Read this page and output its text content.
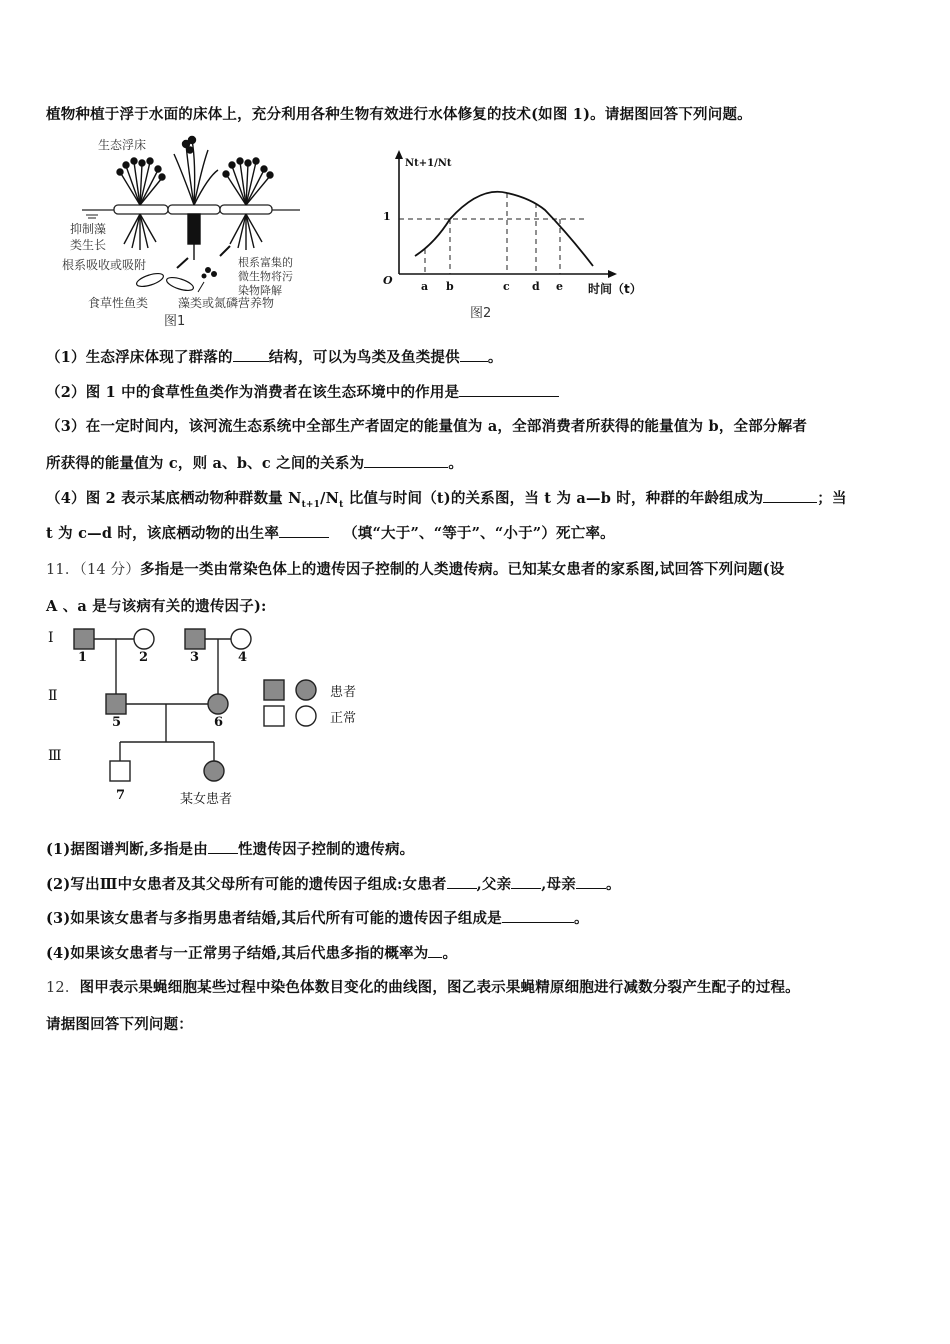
植物种植于浮于水面的床体上，充分利用各种生物有效进行水体修复的技术(如图 1)。请据图回答下列问题。
生态浮床
抑制藻
类生长
根系吸收或吸附	根系富集的
微生物将污
染物降解
食草性鱼类 藻类或氮磷营养物
图1
Nt+1/Nt
1
O	a b	c d e 时间（t）
图2
（1）生态浮床体现了群落的 结构，可以为鸟类及鱼类提供 。
（2）图 1 中的食草性鱼类作为消费者在该生态环境中的作用是
（3）在一定时间内，该河流生态系统中全部生产者固定的能量值为 a，全部消费者所获得的能量值为 b，全部分解者
所获得的能量值为 c，则 a、b、c 之间的关系为	。
（4）图 2 表示某底栖动物种群数量 $N_{t+1}/N_t$ 比值与时间（t)的关系图，当 t 为 a—b 时，种群的年龄组成为	；当
t 为 c—d 时，该底栖动物的出生率	（填“大于”、“等于”、“小于”）死亡率。
11．（14 分）多指是一类由常染色体上的遗传因子控制的人类遗传病。已知某女患者的家系图,试回答下列问题(设
A 、a 是与该病有关的遗传因子):
Ⅰ
Ⅱ
Ⅲ
1	2	3	4
5	6
7	某女患者
患者
正常
(1)据图谱判断,多指是由 性遗传因子控制的遗传病。
(2)写出Ⅲ中女患者及其父母所有可能的遗传因子组成:女患者 ,父亲 ,母亲 。
(3)如果该女患者与多指男患者结婚,其后代所有可能的遗传因子组成是	。
(4)如果该女患者与一正常男子结婚,其后代患多指的概率为 。
12．图甲表示果蝇细胞某些过程中染色体数目变化的曲线图，图乙表示果蝇精原细胞进行减数分裂产生配子的过程。
请据图回答下列问题：
